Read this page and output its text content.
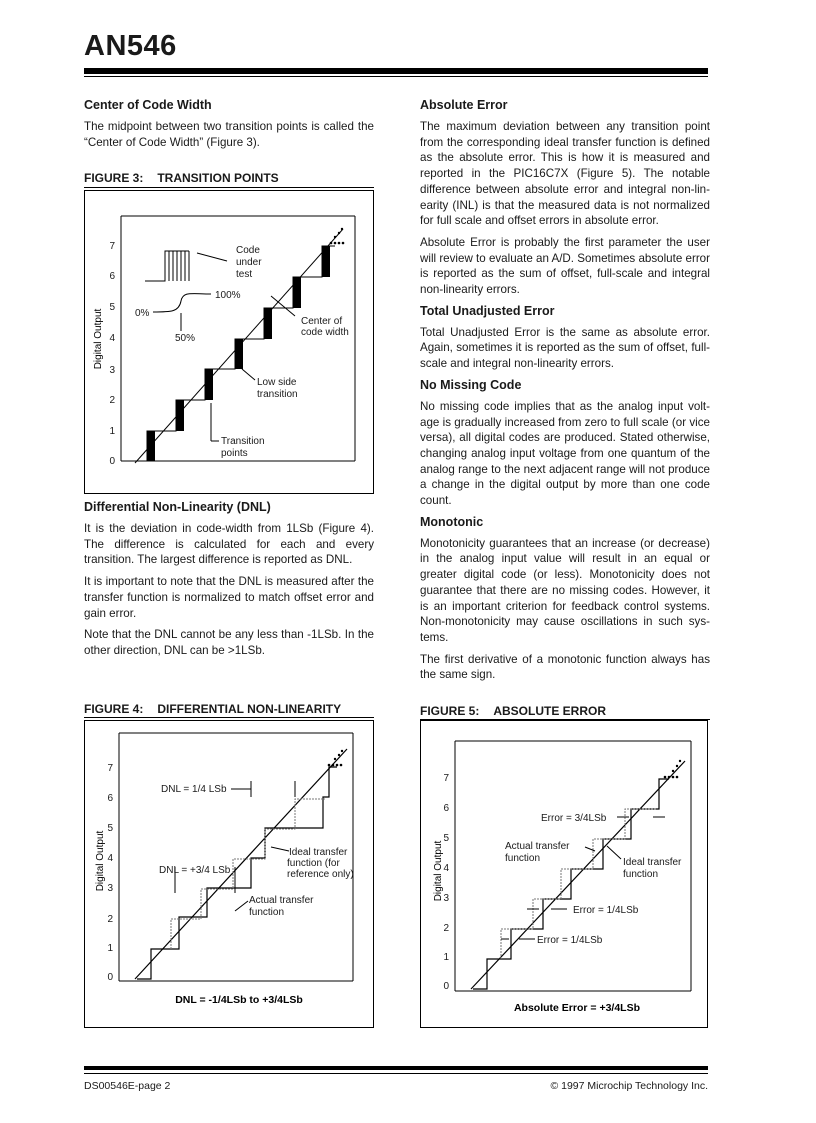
AN546
Center of Code Width

The midpoint between two transition points is called the “Center of Code Width” (Figure 3).

FIGURE 3: TRANSITION POINTS
0
1
2
3
4
5
6
7
Digital Output
Code
under
test
100%
0%
50%
Center of
code width
Low side
transition
Transition
points
Differential Non-Linearity (DNL)

It is the deviation in code-width from 1LSb (Figure 4). The difference is calculated for each and every transition. The largest difference is reported as DNL.

It is important to note that the DNL is measured after the transfer function is normalized to match offset error and gain error.

Note that the DNL cannot be any less than -1LSb. In the other direction, DNL can be >1LSb.

FIGURE 4: DIFFERENTIAL NON-LINEARITY
0
1
2
3
4
5
6
7
Digital Output
DNL = 1/4 LSb
DNL = +3/4 LSb
Ideal transfer
function (for
reference only)
Actual transfer
function
DNL = -1/4LSb to +3/4LSb
Absolute Error

The maximum deviation between any transition point from the corresponding ideal transfer function is defined as the absolute error. This is how it is measured and reported in the PIC16C7X (Figure 5). The notable difference between absolute error and integral non-lin-earity (INL) is that the measured data is not normalized for full scale and offset errors in absolute error.

Absolute Error is probably the first parameter the user will review to evaluate an A/D. Sometimes absolute error is reported as the sum of offset, full-scale and integral non-linearity errors.

Total Unadjusted Error

Total Unadjusted Error is the same as absolute error. Again, sometimes it is reported as the sum of offset, full-scale and integral non-linearity errors.

No Missing Code

No missing code implies that as the analog input volt-age is gradually increased from zero to full scale (or vice versa), all digital codes are produced. Stated otherwise, changing analog input voltage from one quantum of the analog range to the next adjacent range will not produce a change in the digital output by more than one code count.

Monotonic

Monotonicity guarantees that an increase (or decrease) in the analog input value will result in an equal or greater digital code (or less). Monotonicity does not guarantee that there are no missing codes. However, it is an important criterion for feedback control systems. Non-monotonicity may cause oscillations in such sys-tems.

The first derivative of a monotonic function always has the same sign.

FIGURE 5: ABSOLUTE ERROR
0
1
2
3
4
5
6
7
Digital Output
Error = 3/4LSb
Actual transfer
function	Ideal transfer
function
Error = 1/4LSb
Error = 1/4LSb
Absolute Error = +3/4LSb
DS00546E-page 2	© 1997 Microchip Technology Inc.
